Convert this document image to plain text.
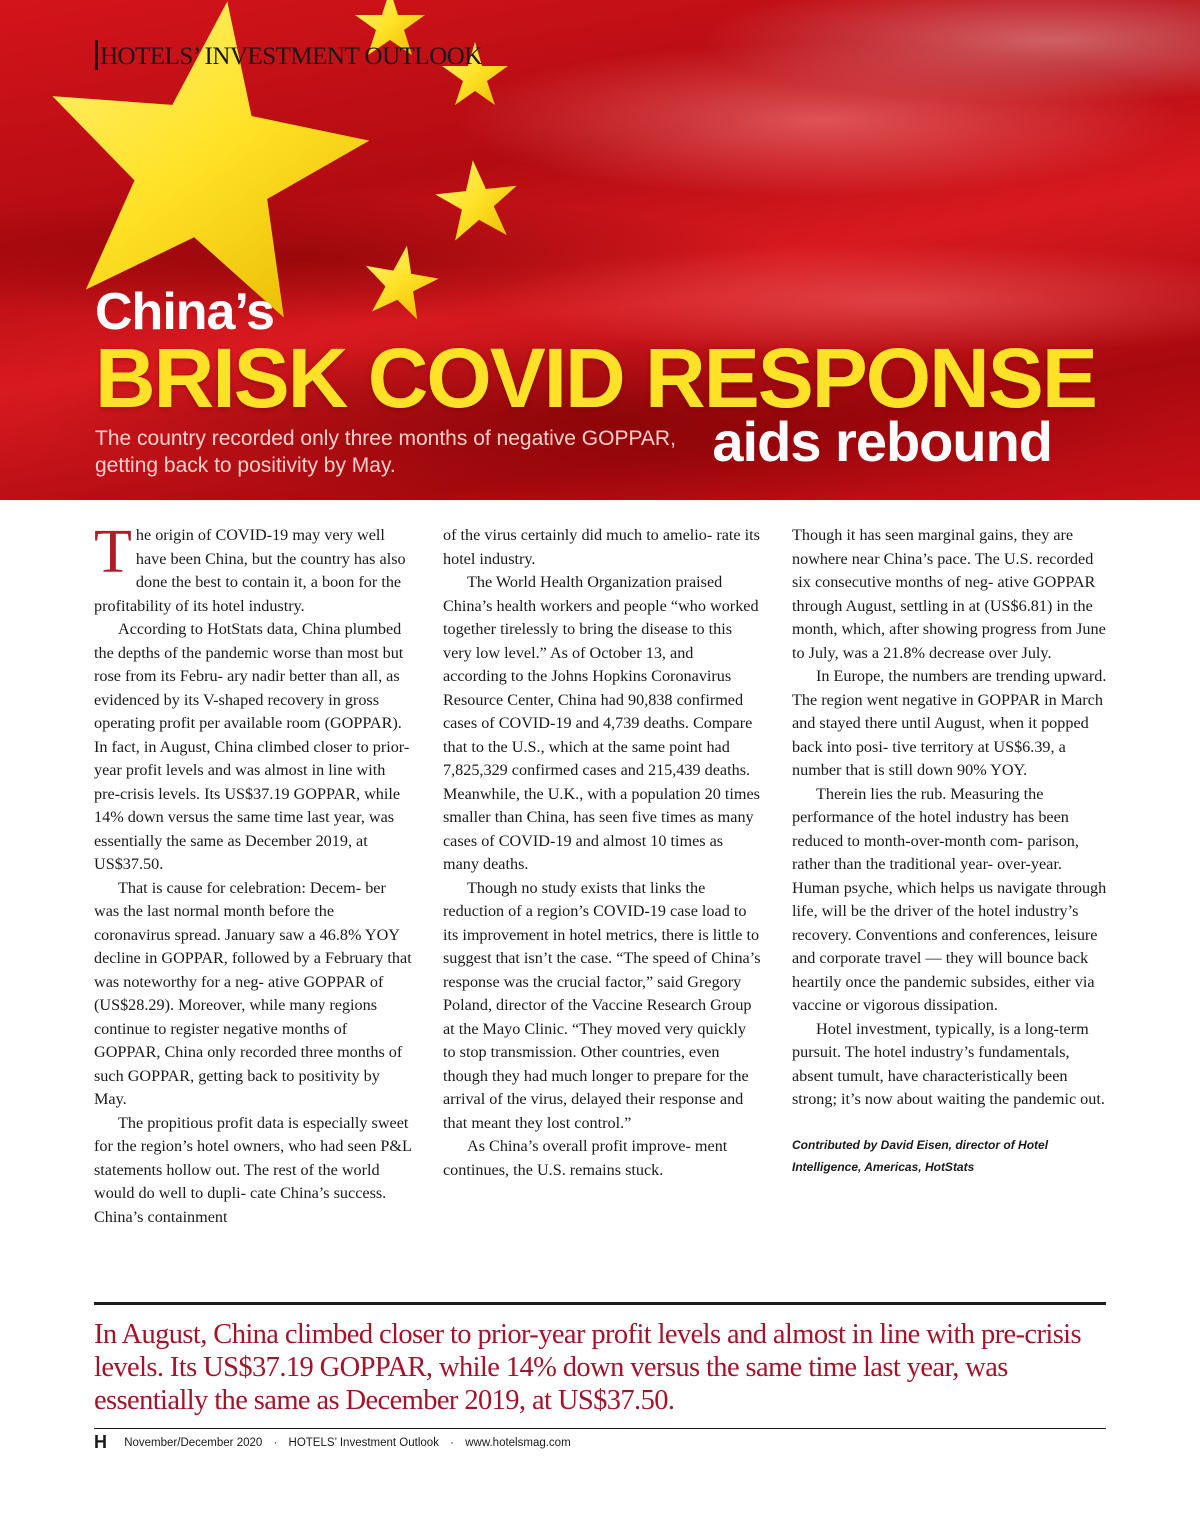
HOTELS’ INVESTMENT OUTLOOK
China’s
BRISK COVID RESPONSE
The country recorded only three months of negative GOPPAR, getting back to positivity by May.	aids rebound

The origin of COVID-19 may very well have been China, but the country has also done the best to contain it, a boon for the profitability of its hotel industry.

According to HotStats data, China plumbed the depths of the pandemic worse than most but rose from its Febru- ary nadir better than all, as evidenced by its V-shaped recovery in gross operating profit per available room (GOPPAR). In fact, in August, China climbed closer to prior-year profit levels and was almost in line with pre-crisis levels. Its US$37.19 GOPPAR, while 14% down versus the same time last year, was essentially the same as December 2019, at US$37.50.

That is cause for celebration: Decem- ber was the last normal month before the coronavirus spread. January saw a 46.8% YOY decline in GOPPAR, followed by a February that was noteworthy for a neg- ative GOPPAR of (US$28.29). Moreover, while many regions continue to register negative months of GOPPAR, China only recorded three months of such GOPPAR, getting back to positivity by May.

The propitious profit data is especially sweet for the region’s hotel owners, who had seen P&L statements hollow out. The rest of the world would do well to dupli- cate China’s success. China’s containment

of the virus certainly did much to amelio- rate its hotel industry.

The World Health Organization praised China’s health workers and people “who worked together tirelessly to bring the disease to this very low level.” As of October 13, and according to the Johns Hopkins Coronavirus Resource Center, China had 90,838 confirmed cases of COVID-19 and 4,739 deaths. Compare that to the U.S., which at the same point had 7,825,329 confirmed cases and 215,439 deaths. Meanwhile, the U.K., with a population 20 times smaller than China, has seen five times as many cases of COVID-19 and almost 10 times as many deaths.

Though no study exists that links the reduction of a region’s COVID-19 case load to its improvement in hotel metrics, there is little to suggest that isn’t the case. “The speed of China’s response was the crucial factor,” said Gregory Poland, director of the Vaccine Research Group at the Mayo Clinic. “They moved very quickly to stop transmission. Other countries, even though they had much longer to prepare for the arrival of the virus, delayed their response and that meant they lost control.”

As China’s overall profit improve- ment continues, the U.S. remains stuck.

Though it has seen marginal gains, they are nowhere near China’s pace. The U.S. recorded six consecutive months of neg- ative GOPPAR through August, settling in at (US$6.81) in the month, which, after showing progress from June to July, was a 21.8% decrease over July.

In Europe, the numbers are trending upward. The region went negative in GOPPAR in March and stayed there until August, when it popped back into posi- tive territory at US$6.39, a number that is still down 90% YOY.

Therein lies the rub. Measuring the performance of the hotel industry has been reduced to month-over-month com- parison, rather than the traditional year- over-year. Human psyche, which helps us navigate through life, will be the driver of the hotel industry’s recovery. Conventions and conferences, leisure and corporate travel — they will bounce back heartily once the pandemic subsides, either via vaccine or vigorous dissipation.

Hotel investment, typically, is a long-term pursuit. The hotel industry’s fundamentals, absent tumult, have characteristically been strong; it’s now about waiting the pandemic out.

Contributed by David Eisen, director of Hotel Intelligence, Americas, HotStats
In August, China climbed closer to prior-year profit levels and almost in line with pre-crisis levels. Its US$37.19 GOPPAR, while 14% down versus the same time last year, was essentially the same as December 2019, at US$37.50.
H November/December 2020 · HOTELS’ Investment Outlook · www.hotelsmag.com
